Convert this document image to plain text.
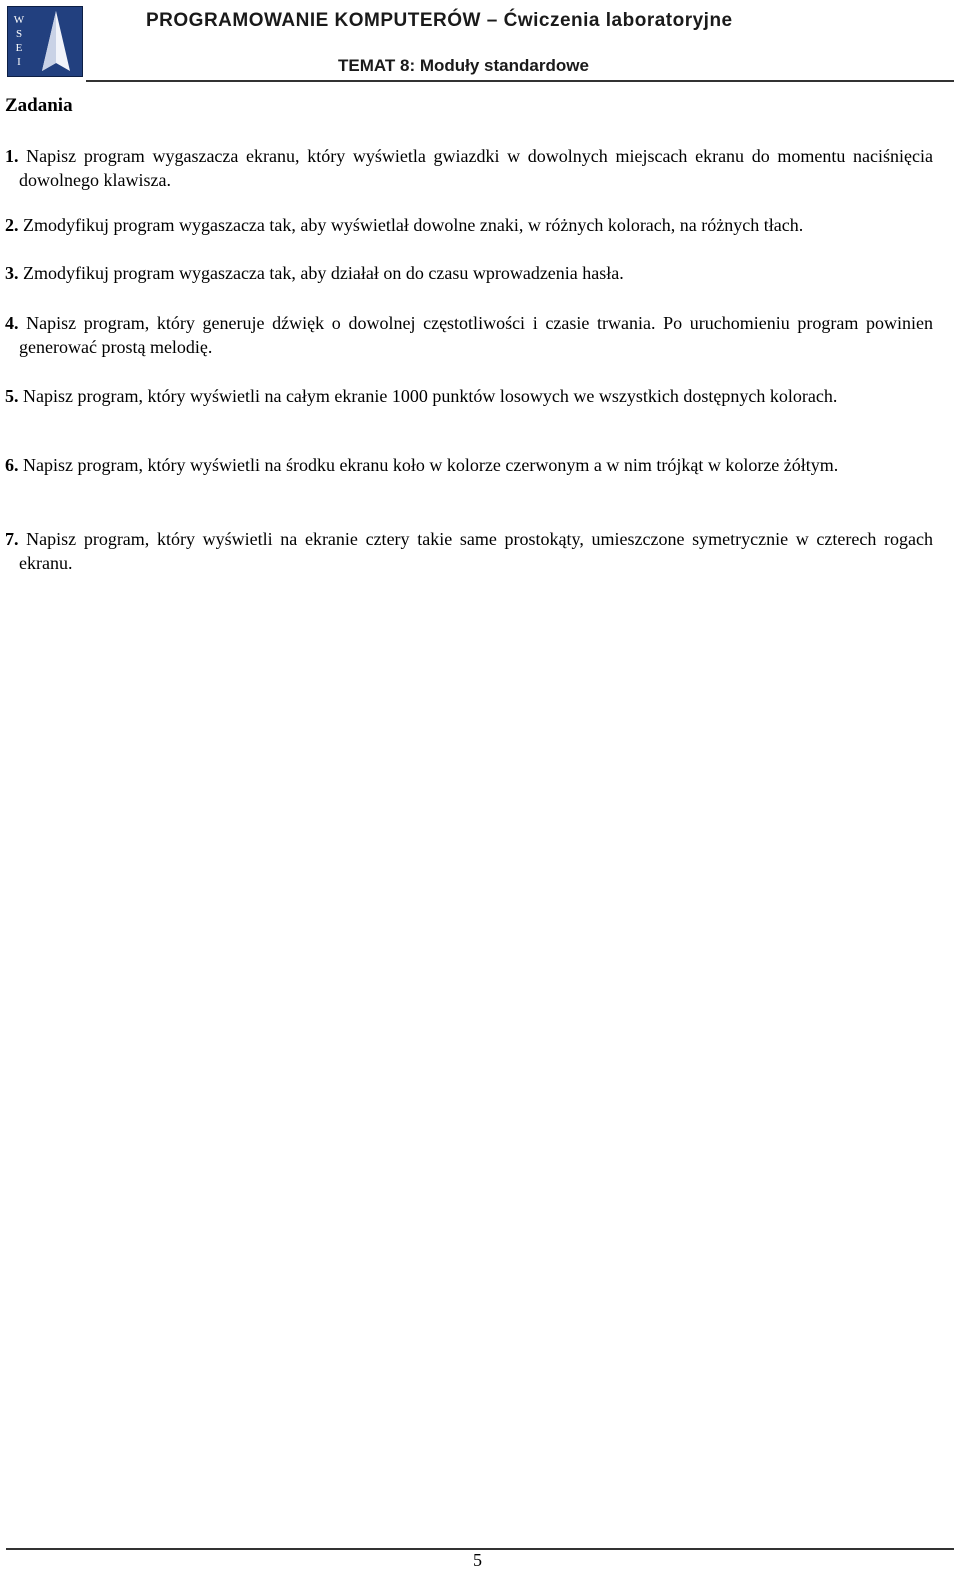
W
S
E
I
PROGRAMOWANIE KOMPUTERÓW – Ćwiczenia laboratoryjne
TEMAT 8: Moduły standardowe
Zadania
1. Napisz program wygaszacza ekranu, który wyświetla gwiazdki w dowolnych miejscach ekranu do momentu naciśnięcia dowolnego klawisza.
2. Zmodyfikuj program wygaszacza tak, aby wyświetlał dowolne znaki, w różnych kolorach, na różnych tłach.
3. Zmodyfikuj program wygaszacza tak, aby działał on do czasu wprowadzenia hasła.
4. Napisz program, który generuje dźwięk o dowolnej częstotliwości i czasie trwania. Po uruchomieniu program powinien generować prostą melodię.
5. Napisz program, który wyświetli na całym ekranie 1000 punktów losowych we wszystkich dostępnych kolorach.
6. Napisz program, który wyświetli na środku ekranu koło w kolorze czerwonym a w nim trójkąt w kolorze żółtym.
7. Napisz program, który wyświetli na ekranie cztery takie same prostokąty, umieszczone symetrycznie w czterech rogach ekranu.
5
